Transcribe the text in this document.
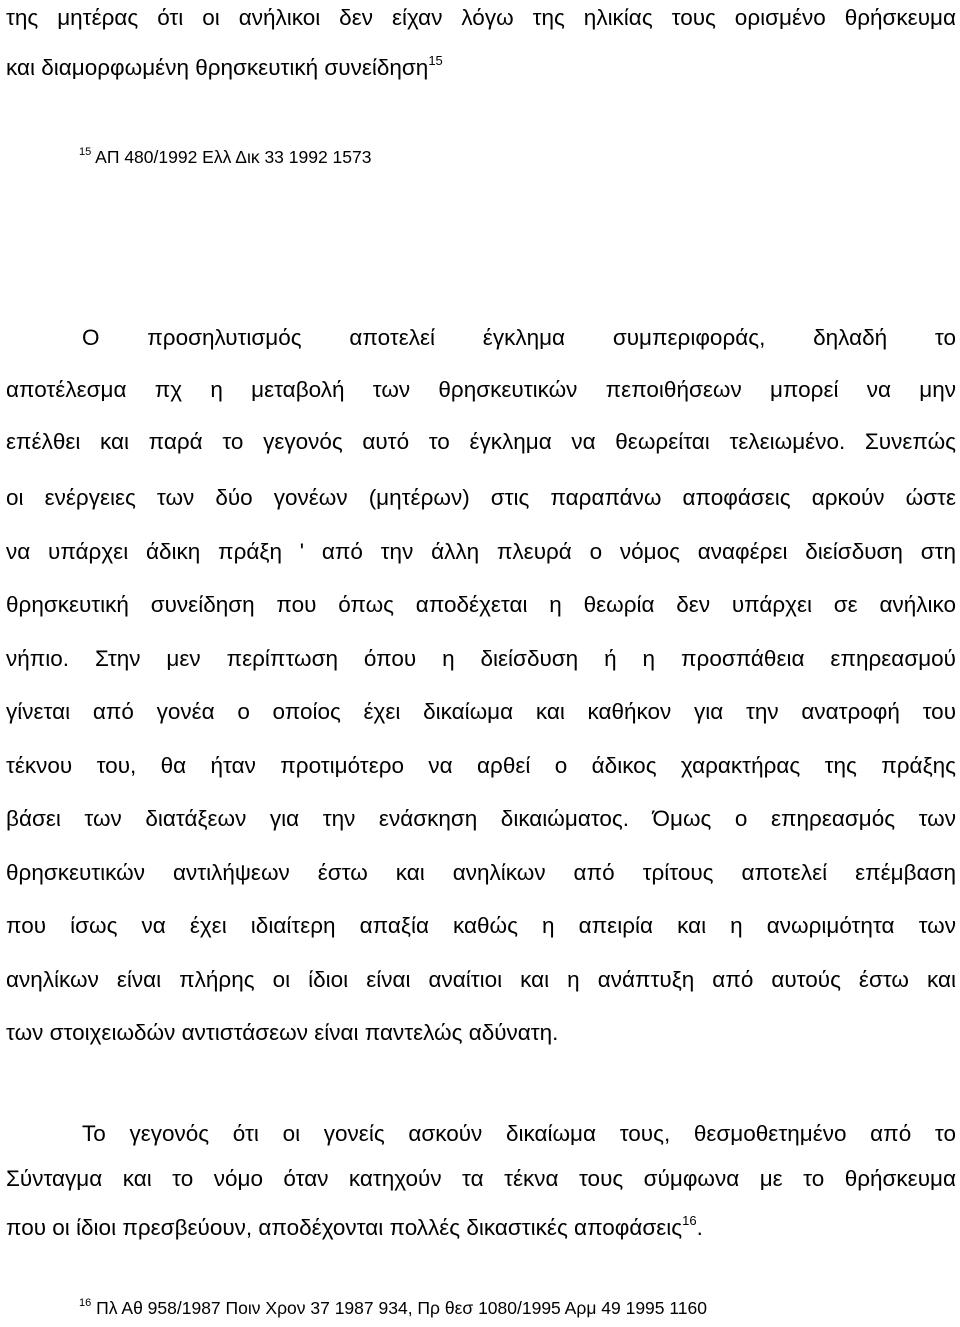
της μητέρας ότι οι ανήλικοι δεν είχαν λόγω της ηλικίας τους ορισμένο θρήσκευμα
και διαμορφωμένη θρησκευτική συνείδηση$^{15}$
$^{15}$ ΑΠ 480/1992 Ελλ Δικ 33 1992 1573
Ο προσηλυτισμός αποτελεί έγκλημα συμπεριφοράς, δηλαδή το
αποτέλεσμα πχ η μεταβολή των θρησκευτικών πεποιθήσεων μπορεί να μην
επέλθει και παρά το γεγονός αυτό το έγκλημα να θεωρείται τελειωμένο. Συνεπώς
οι ενέργειες των δύο γονέων (μητέρων) στις παραπάνω αποφάσεις αρκούν ώστε
να υπάρχει άδικη πράξη ' από την άλλη πλευρά ο νόμος αναφέρει διείσδυση στη
θρησκευτική συνείδηση που όπως αποδέχεται η θεωρία δεν υπάρχει σε ανήλικο
νήπιο. Στην μεν περίπτωση όπου η διείσδυση ή η προσπάθεια επηρεασμού
γίνεται από γονέα ο οποίος έχει δικαίωμα και καθήκον για την ανατροφή του
τέκνου του, θα ήταν προτιμότερο να αρθεί ο άδικος χαρακτήρας της πράξης
βάσει των διατάξεων για την ενάσκηση δικαιώματος. Όμως ο επηρεασμός των
θρησκευτικών αντιλήψεων έστω και ανηλίκων από τρίτους αποτελεί επέμβαση
που ίσως να έχει ιδιαίτερη απαξία καθώς η απειρία και η ανωριμότητα των
ανηλίκων είναι πλήρης οι ίδιοι είναι αναίτιοι και η ανάπτυξη από αυτούς έστω και
των στοιχειωδών αντιστάσεων είναι παντελώς αδύνατη.
Το γεγονός ότι οι γονείς ασκούν δικαίωμα τους, θεσμοθετημένο από το
Σύνταγμα και το νόμο όταν κατηχούν τα τέκνα τους σύμφωνα με το θρήσκευμα
που οι ίδιοι πρεσβεύουν, αποδέχονται πολλές δικαστικές αποφάσεις$^{16}$.
$^{16}$ Πλ Αθ 958/1987 Ποιν Χρον 37 1987 934, Πρ θεσ 1080/1995 Αρμ 49 1995 1160
